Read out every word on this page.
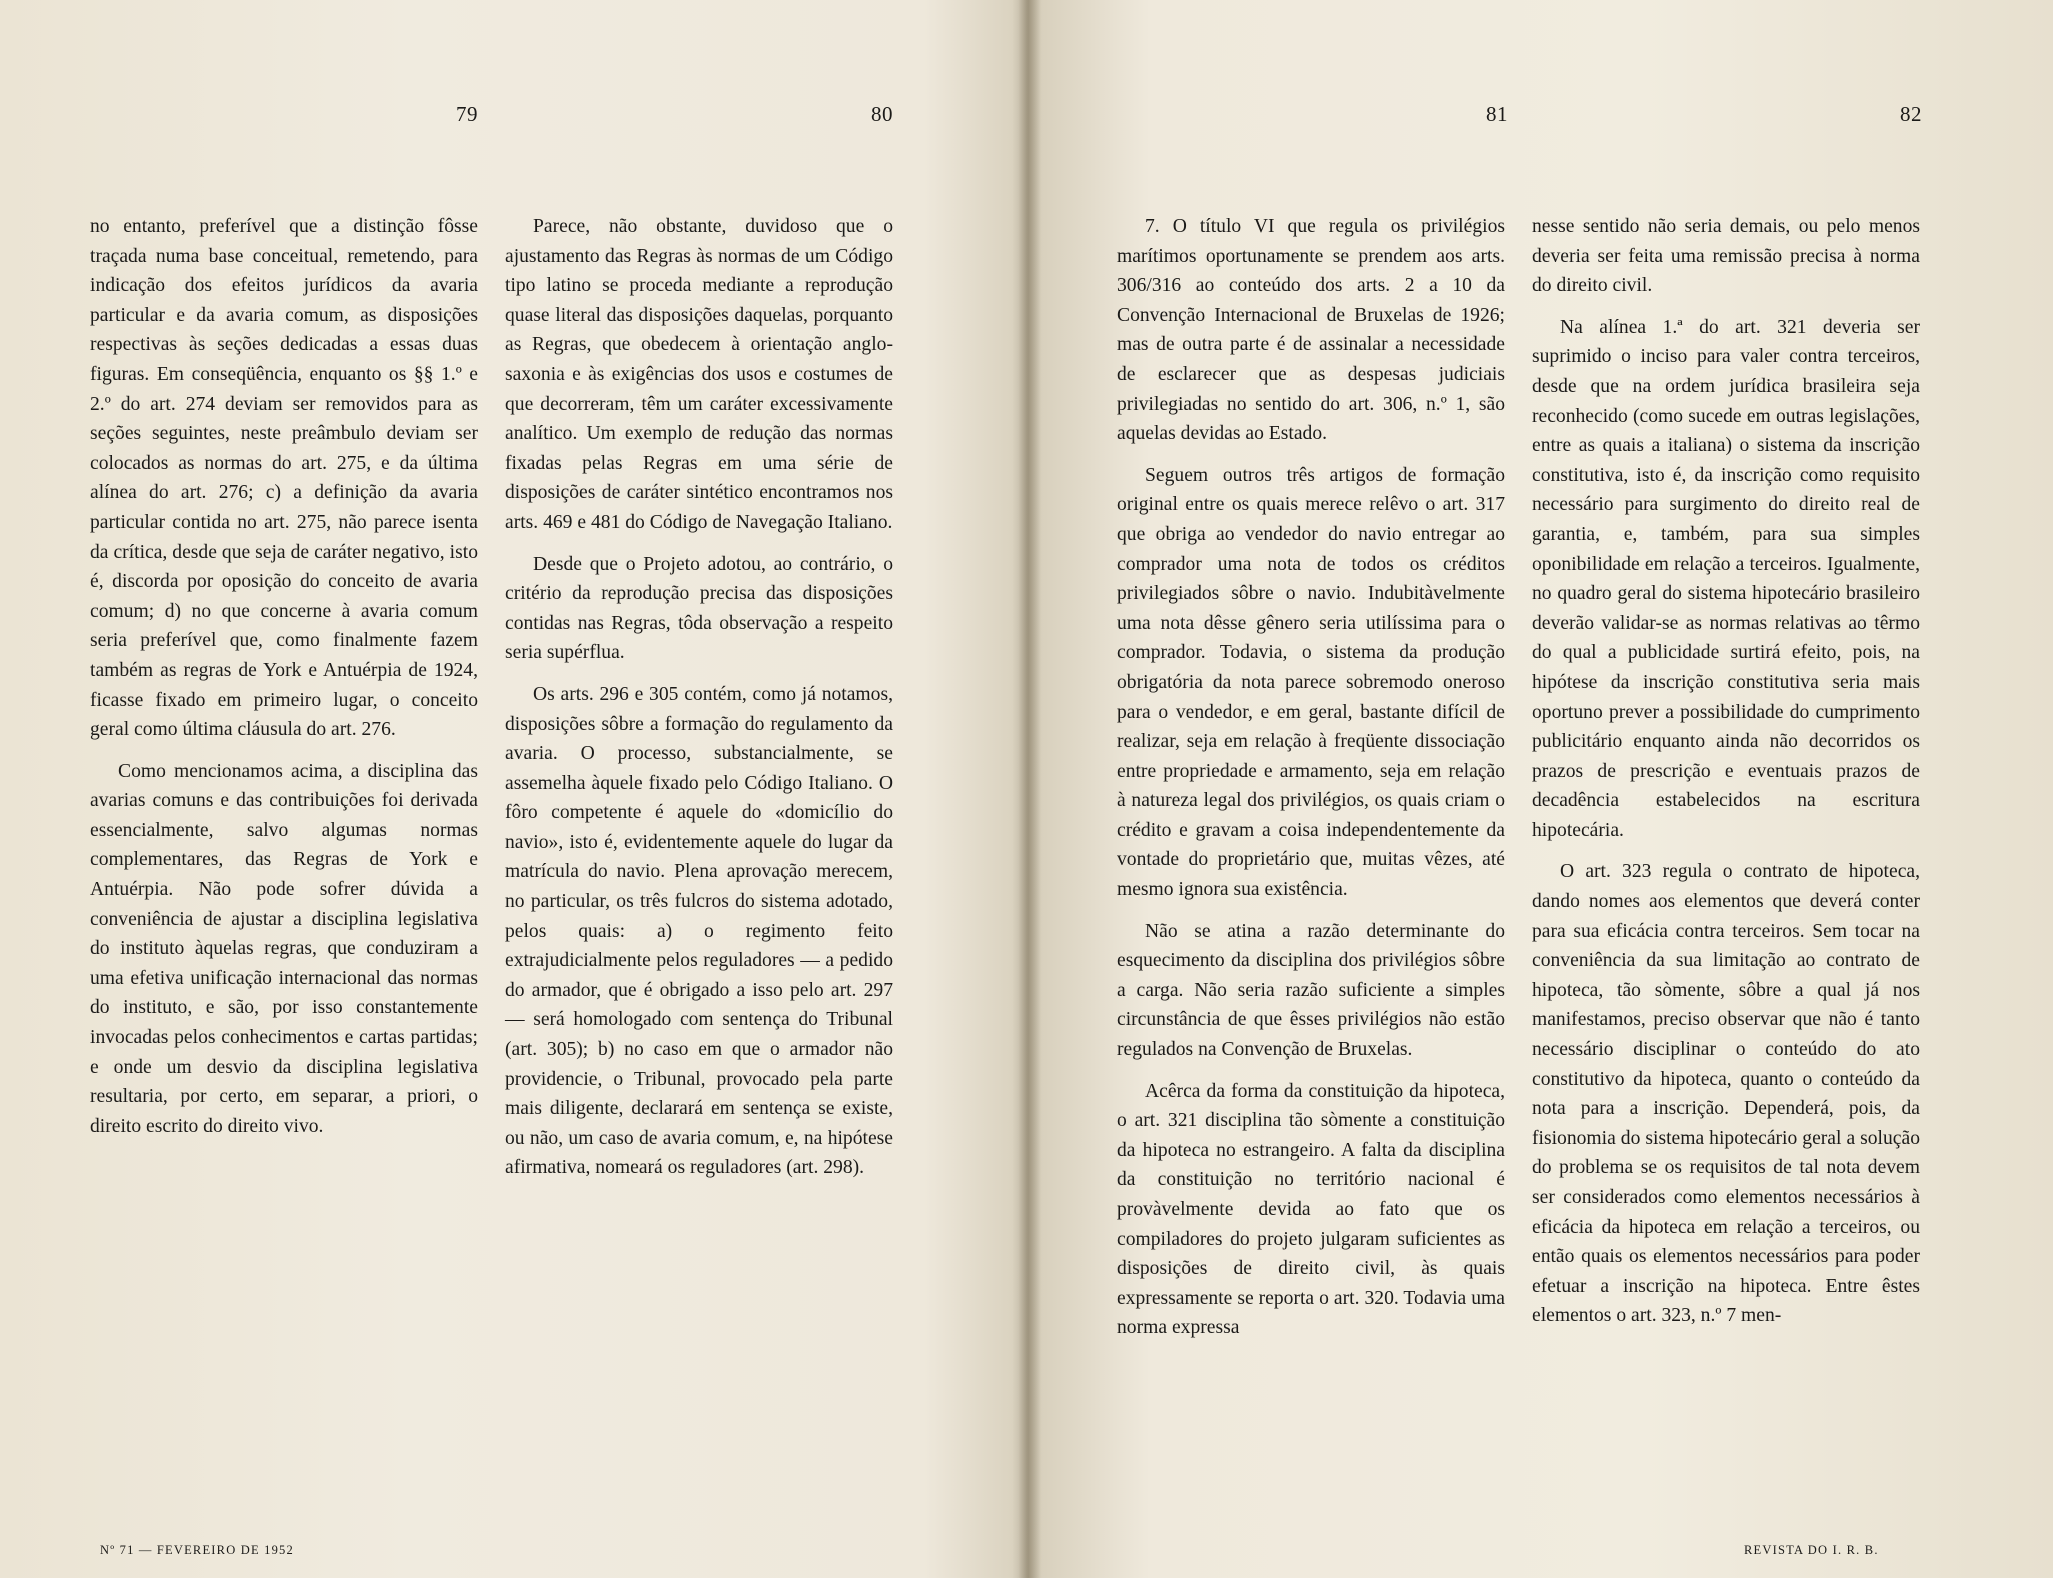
79	80	81	82

no entanto, preferível que a distinção fôsse traçada numa base conceitual, remetendo, para indicação dos efeitos jurídicos da avaria particular e da avaria comum, as disposições respectivas às seções dedicadas a essas duas figuras. Em conseqüência, enquanto os §§ 1.º e 2.º do art. 274 deviam ser removidos para as seções seguintes, neste preâmbulo deviam ser colocados as normas do art. 275, e da última alínea do art. 276; c) a definição da avaria particular contida no art. 275, não parece isenta da crítica, desde que seja de caráter negativo, isto é, discorda por oposição do conceito de avaria comum; d) no que concerne à avaria comum seria preferível que, como finalmente fazem também as regras de York e Antuérpia de 1924, ficasse fixado em primeiro lugar, o conceito geral como última cláusula do art. 276.

Como mencionamos acima, a disciplina das avarias comuns e das contribuições foi derivada essencialmente, salvo algumas normas complementares, das Regras de York e Antuérpia. Não pode sofrer dúvida a conveniência de ajustar a disciplina legislativa do instituto àquelas regras, que conduziram a uma efetiva unificação internacional das normas do instituto, e são, por isso constantemente invocadas pelos conhecimentos e cartas partidas; e onde um desvio da disciplina legislativa resultaria, por certo, em separar, a priori, o direito escrito do direito vivo.

Parece, não obstante, duvidoso que o ajustamento das Regras às normas de um Código tipo latino se proceda mediante a reprodução quase literal das disposições daquelas, porquanto as Regras, que obedecem à orientação anglo-saxonia e às exigências dos usos e costumes de que decorreram, têm um caráter excessivamente analítico. Um exemplo de redução das normas fixadas pelas Regras em uma série de disposições de caráter sintético encontramos nos arts. 469 e 481 do Código de Navegação Italiano.

Desde que o Projeto adotou, ao contrário, o critério da reprodução precisa das disposições contidas nas Regras, tôda observação a respeito seria supérflua.

Os arts. 296 e 305 contém, como já notamos, disposições sôbre a formação do regulamento da avaria. O processo, substancialmente, se assemelha àquele fixado pelo Código Italiano. O fôro competente é aquele do «domicílio do navio», isto é, evidentemente aquele do lugar da matrícula do navio. Plena aprovação merecem, no particular, os três fulcros do sistema adotado, pelos quais: a) o regimento feito extrajudicialmente pelos reguladores — a pedido do armador, que é obrigado a isso pelo art. 297 — será homologado com sentença do Tribunal (art. 305); b) no caso em que o armador não providencie, o Tribunal, provocado pela parte mais diligente, declarará em sentença se existe, ou não, um caso de avaria comum, e, na hipótese afirmativa, nomeará os reguladores (art. 298).

7. O título VI que regula os privilégios marítimos oportunamente se prendem aos arts. 306/316 ao conteúdo dos arts. 2 a 10 da Convenção Internacional de Bruxelas de 1926; mas de outra parte é de assinalar a necessidade de esclarecer que as despesas judiciais privilegiadas no sentido do art. 306, n.º 1, são aquelas devidas ao Estado.

Seguem outros três artigos de formação original entre os quais merece relêvo o art. 317 que obriga ao vendedor do navio entregar ao comprador uma nota de todos os créditos privilegiados sôbre o navio. Indubitàvelmente uma nota dêsse gênero seria utilíssima para o comprador. Todavia, o sistema da produção obrigatória da nota parece sobremodo oneroso para o vendedor, e em geral, bastante difícil de realizar, seja em relação à freqüente dissociação entre propriedade e armamento, seja em relação à natureza legal dos privilégios, os quais criam o crédito e gravam a coisa independentemente da vontade do proprietário que, muitas vêzes, até mesmo ignora sua existência.

Não se atina a razão determinante do esquecimento da disciplina dos privilégios sôbre a carga. Não seria razão suficiente a simples circunstância de que êsses privilégios não estão regulados na Convenção de Bruxelas.

Acêrca da forma da constituição da hipoteca, o art. 321 disciplina tão sòmente a constituição da hipoteca no estrangeiro. A falta da disciplina da constituição no território nacional é provàvelmente devida ao fato que os compiladores do projeto julgaram suficientes as disposições de direito civil, às quais expressamente se reporta o art. 320. Todavia uma norma expressa

nesse sentido não seria demais, ou pelo menos deveria ser feita uma remissão precisa à norma do direito civil.

Na alínea 1.ª do art. 321 deveria ser suprimido o inciso para valer contra terceiros, desde que na ordem jurídica brasileira seja reconhecido (como sucede em outras legislações, entre as quais a italiana) o sistema da inscrição constitutiva, isto é, da inscrição como requisito necessário para surgimento do direito real de garantia, e, também, para sua simples oponibilidade em relação a terceiros. Igualmente, no quadro geral do sistema hipotecário brasileiro deverão validar-se as normas relativas ao têrmo do qual a publicidade surtirá efeito, pois, na hipótese da inscrição constitutiva seria mais oportuno prever a possibilidade do cumprimento publicitário enquanto ainda não decorridos os prazos de prescrição e eventuais prazos de decadência estabelecidos na escritura hipotecária.

O art. 323 regula o contrato de hipoteca, dando nomes aos elementos que deverá conter para sua eficácia contra terceiros. Sem tocar na conveniência da sua limitação ao contrato de hipoteca, tão sòmente, sôbre a qual já nos manifestamos, preciso observar que não é tanto necessário disciplinar o conteúdo do ato constitutivo da hipoteca, quanto o conteúdo da nota para a inscrição. Dependerá, pois, da fisionomia do sistema hipotecário geral a solução do problema se os requisitos de tal nota devem ser considerados como elementos necessários à eficácia da hipoteca em relação a terceiros, ou então quais os elementos necessários para poder efetuar a inscrição na hipoteca. Entre êstes elementos o art. 323, n.º 7 men-

Nº 71 — FEVEREIRO DE 1952	REVISTA DO I. R. B.
